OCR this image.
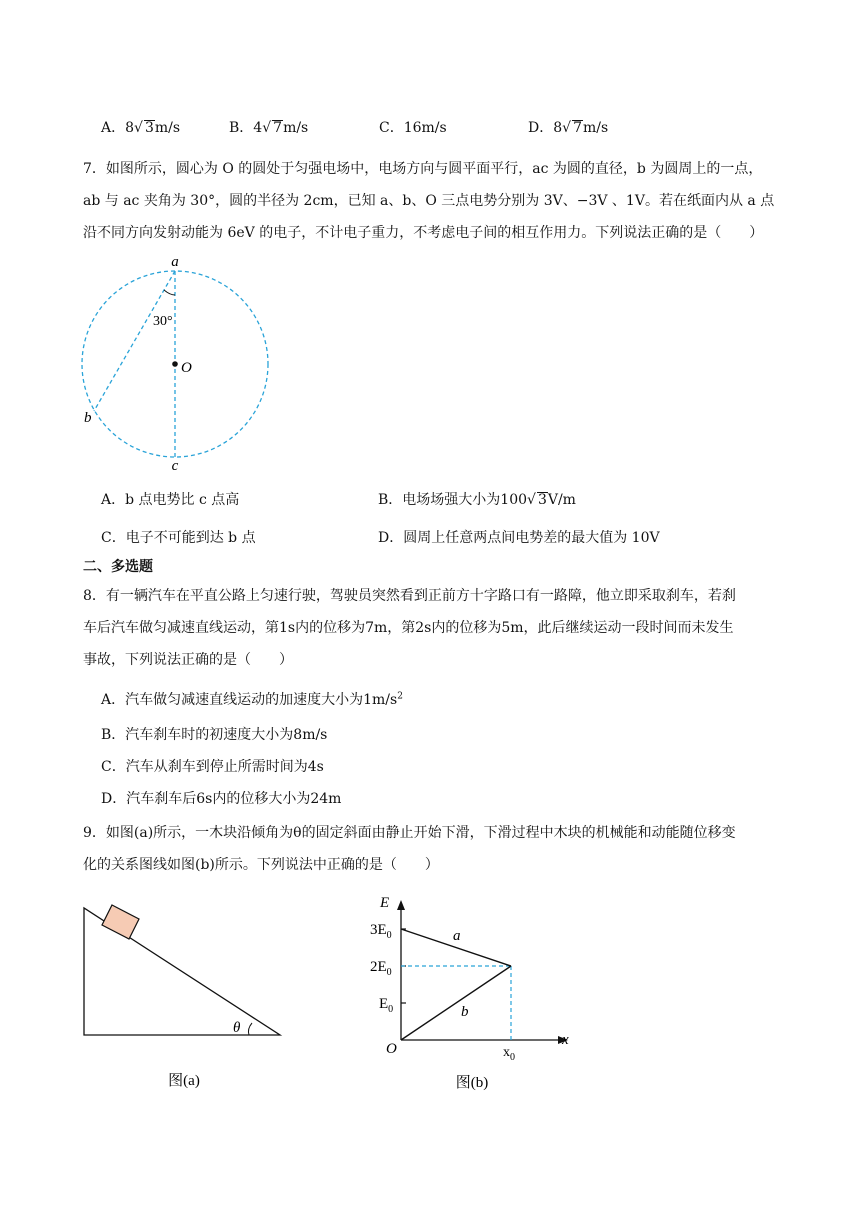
A．8√ 3m/s	B．4√ 7m/s	C．16m/s	D．8√ 7m/s
7．如图所示，圆心为 O 的圆处于匀强电场中，电场方向与圆平面平行，ac 为圆的直径，b 为圆周上的一点，
ab 与 ac 夹角为 30°，圆的半径为 2cm，已知 a、b、O 三点电势分别为 3V、−3V 、1V。若在纸面内从 a 点
沿不同方向发射动能为 6eV 的电子，不计电子重力，不考虑电子间的相互作用力。下列说法正确的是（　　）
a
30°
O
b
c
A．b 点电势比 c 点高	B．电场场强大小为100√ 3V/m
C．电子不可能到达 b 点	D．圆周上任意两点间电势差的最大值为 10V
二、多选题
8．有一辆汽车在平直公路上匀速行驶，驾驶员突然看到正前方十字路口有一路障，他立即采取刹车，若刹
车后汽车做匀减速直线运动，第1s内的位移为7m，第2s内的位移为5m，此后继续运动一段时间而未发生
事故，下列说法正确的是（　　）
A．汽车做匀减速直线运动的加速度大小为$1m/s^2$
B．汽车刹车时的初速度大小为8m/s
C．汽车从刹车到停止所需时间为4s
D．汽车刹车后6s内的位移大小为24m
9．如图(a)所示，一木块沿倾角为θ的固定斜面由静止开始下滑，下滑过程中木块的机械能和动能随位移变
化的关系图线如图(b)所示。下列说法中正确的是（　　）
θ
图(a)
E
x
O
$3E_0$
$2E_0$
$E_0$
$x_0$
a
b
图(b)
